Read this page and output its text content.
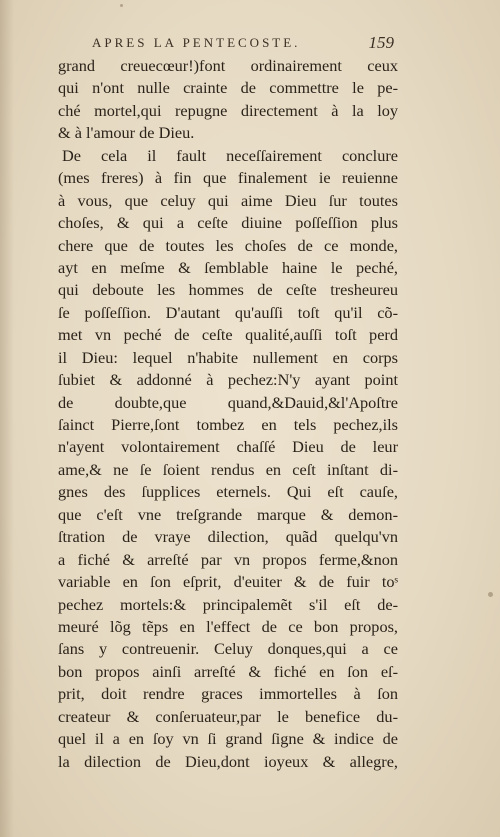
APRES LA PENTECOSTE.	159
grand creuecœur!)font ordinairement ceux
qui n'ont nulle crainte de commettre le pe-
ché mortel,qui repugne directement à la loy
& à l'amour de Dieu.
De cela il fault neceſſairement conclure
(mes freres) à fin que finalement ie reuienne
à vous, que celuy qui aime Dieu ſur toutes
choſes, & qui a ceſte diuine poſſeſſion plus
chere que de toutes les choſes de ce monde,
ayt en meſme & ſemblable haine le peché,
qui deboute les hommes de ceſte tresheureu
ſe poſſeſſion. D'autant qu'auſſi toſt qu'il cõ-
met vn peché de ceſte qualité,auſſi toſt perd
il Dieu: lequel n'habite nullement en corps
ſubiet & addonné à pechez:N'y ayant point
de doubte,que quand,&Dauid,&l'Apoſtre
ſainct Pierre,ſont tombez en tels pechez,ils
n'ayent volontairement chaſſé Dieu de leur
ame,& ne ſe ſoient rendus en ceſt inſtant di-
gnes des ſupplices eternels. Qui eſt cauſe,
que c'eſt vne treſgrande marque & demon-
ſtration de vraye dilection, quãd quelqu'vn
a fiché & arreſté par vn propos ferme,&non
variable en ſon eſprit, d'euiter & de fuir toˢ
pechez mortels:& principalemẽt s'il eſt de-
meuré lõg tẽps en l'effect de ce bon propos,
ſans y contreuenir. Celuy donques,qui a ce
bon propos ainſi arreſté & fiché en ſon eſ-
prit, doit rendre graces immortelles à ſon
createur & conſeruateur,par le benefice du-
quel il a en ſoy vn ſi grand ſigne & indice de
la dilection de Dieu,dont ioyeux & allegre,
